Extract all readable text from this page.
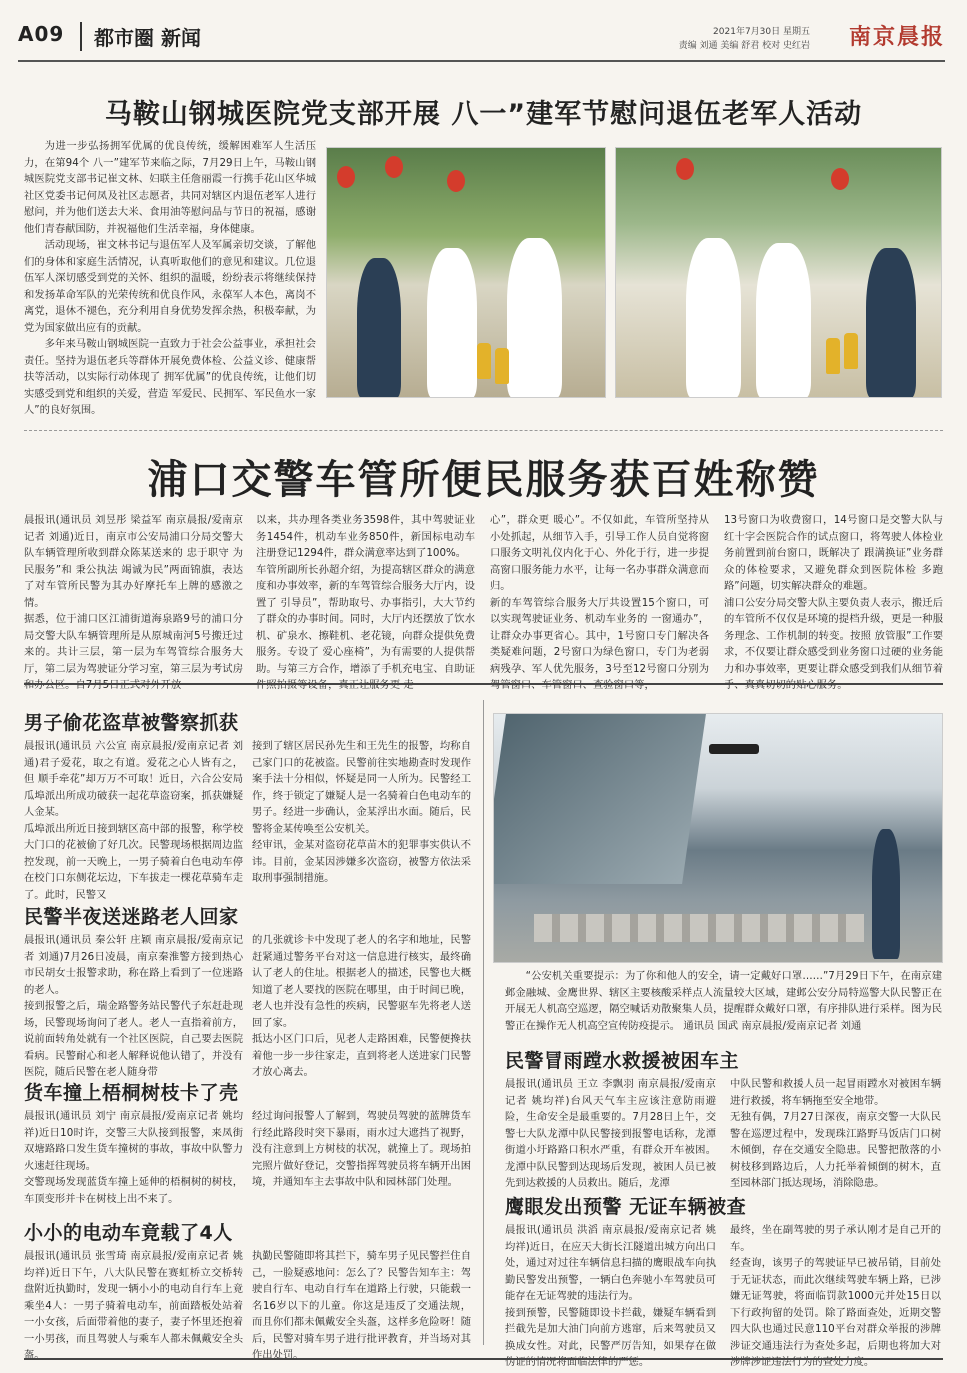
A09	都市圈 新闻	2021年7月30日 星期五
责编 刘通 美编 舒君 校对 史红岩 南京晨报
马鞍山钢城医院党支部开展 八一”建军节慰问退伍老军人活动

为进一步弘扬拥军优属的优良传统，缓解困难军人生活压力，在第94个 八一”建军节来临之际，7月29日上午，马鞍山钢城医院党支部书记崔文林、妇联主任詹丽霞一行携手花山区华城社区党委书记何凤及社区志愿者，共同对辖区内退伍老军人进行慰问，并为他们送去大米、食用油等慰问品与节日的祝福，感谢他们青春献国防，并祝福他们生活幸福，身体健康。

活动现场，崔文林书记与退伍军人及军属亲切交谈，了解他们的身体和家庭生活情况，认真听取他们的意见和建议。几位退伍军人深切感受到党的关怀、组织的温暖，纷纷表示将继续保持和发扬革命军队的光荣传统和优良作风，永葆军人本色，离岗不离党，退休不褪色，充分利用自身优势发挥余热，积极奉献，为党为国家做出应有的贡献。

多年来马鞍山钢城医院一直致力于社会公益事业，承担社会责任。坚持为退伍老兵等群体开展免费体检、公益义诊、健康帮扶等活动，以实际行动体现了 拥军优属”的优良传统，让他们切实感受到党和组织的关爱，营造 军爱民、民拥军、军民鱼水一家人”的良好氛围。

浦口交警车管所便民服务获百姓称赞
晨报讯(通讯员 刘昱彤 梁益军 南京晨报/爱南京记者 刘通)近日，南京市公安局浦口分局交警大队车辆管理所收到群众陈某送来的 忠于职守 为民服务”和 秉公执法 竭诚为民”两面锦旗，表达了对车管所民警为其办好摩托车上牌的感激之情。
据悉，位于浦口区江浦街道海泉路9号的浦口分局交警大队车辆管理所是从原城南河5号搬迁过来的。共计三层，第一层为车驾管综合服务大厅，第二层为驾驶证分学习室，第三层为考试房和办公区。自7月5日正式对外开放
以来，共办理各类业务3598件，其中驾驶证业务1454件，机动车业务850件，新国标电动车注册登记1294件，群众满意率达到了100%。
车管所副所长孙超介绍，为提高辖区群众的满意度和办事效率，新的车驾管综合服务大厅内，设置了 引导员”，帮助取号、办事指引，大大节约了群众的办事时间。同时，大厅内还摆放了饮水机、矿泉水、擦鞋机、老花镜，向群众提供免费服务。专设了 爱心座椅”，为有需要的人提供帮助。与第三方合作，增添了手机充电宝、自助证件照拍摄等设备，真正让服务更 走
心”，群众更 暖心”。不仅如此，车管所坚持从小处抓起，从细节入手，引导工作人员自觉将窗口服务文明礼仪内化于心、外化于行，进一步提高窗口服务能力水平，让每一名办事群众满意而归。
新的车驾管综合服务大厅共设置15个窗口，可以实现驾驶证业务、机动车业务的 一窗通办”，让群众办事更省心。其中，1号窗口专门解决各类疑难问题，2号窗口为绿色窗口，专门为老弱病残孕、军人优先服务，3号至12号窗口分别为驾管窗口、车管窗口、查验窗口等，
13号窗口为收费窗口，14号窗口是交警大队与红十字会医院合作的试点窗口，将驾驶人体检业务前置到前台窗口，既解决了 跟满换证”业务群众的体检要求，又避免群众到医院体检 多跑路”问题，切实解决群众的难题。
浦口公安分局交警大队主要负责人表示，搬迁后的车管所不仅仅是环境的提档升级，更是一种服务理念、工作机制的转变。按照 放管服”工作要求，不仅要让群众感受到业务窗口过硬的业务能力和办事效率，更要让群众感受到我们从细节着手、真真切切的贴心服务。
男子偷花盗草被警察抓获
晨报讯(通讯员 六公宣 南京晨报/爱南京记者 刘通)君子爱花，取之有道。爱花之心人皆有之，但 顺手牵花”却万万不可取！近日，六合公安局瓜埠派出所成功破获一起花草盗窃案，抓获嫌疑人金某。
瓜埠派出所近日接到辖区高中部的报警，称学校大门口的花被偷了好几次。民警现场根据周边监控发现，前一天晚上，一男子骑着白色电动车停在校门口东侧花坛边，下车拔走一棵花草骑车走了。此时，民警又
接到了辖区居民孙先生和王先生的报警，均称自己家门口的花被盗。民警前往实地勘查时发现作案手法十分相似，怀疑是同一人所为。民警经工作，终于锁定了嫌疑人是一名骑着白色电动车的男子。经进一步确认，金某浮出水面。随后，民警将金某传唤至公安机关。
经审讯，金某对盗窃花草苗木的犯罪事实供认不讳。目前，金某因涉嫌多次盗窃，被警方依法采取刑事强制措施。
民警半夜送迷路老人回家
晨报讯(通讯员 秦公轩 庄颖 南京晨报/爱南京记者 刘通)7月26日凌晨，南京秦淮警方接到热心市民胡女士报警求助，称在路上看到了一位迷路的老人。
接到报警之后，瑞金路警务站民警代子东赶赴现场，民警现场询问了老人。老人一直指着前方，说前面转角处就有一个社区医院，自己要去医院看病。民警耐心和老人解释说他认错了，并没有医院，随后民警在老人随身带
的几张就诊卡中发现了老人的名字和地址，民警赶紧通过警务平台对这一信息进行核实，最终确认了老人的住址。根据老人的描述，民警也大概知道了老人要找的医院在哪里，由于时间已晚，老人也并没有急性的疾病，民警驱车先将老人送回了家。
抵达小区门口后，见老人走路困难，民警便搀扶着他一步一步往家走，直到将老人送进家门民警才放心离去。
货车撞上梧桐树枝卡了壳
晨报讯(通讯员 刘宁 南京晨报/爱南京记者 姚均祥)近日10时许，交警三大队接到报警，来凤街双塘路路口发生货车撞树的事故，事故中队警力火速赶往现场。
交警现场发现蓝货车撞上延伸的梧桐树的树枝，车顶变形并卡在树枝上出不来了。
经过询问报警人了解到，驾驶员驾驶的蓝牌货车行经此路段时突下暴雨，雨水过大遮挡了视野，没有注意到上方树枝的状况，就撞上了。现场拍完照片做好登记，交警指挥驾驶员将车辆开出困境，并通知车主去事故中队和园林部门处理。
小小的电动车竟载了4人
晨报讯(通讯员 张雪琦 南京晨报/爱南京记者 姚均祥)近日下午，八大队民警在赛虹桥立交桥转盘附近执勤时，发现一辆小小的电动自行车上竟乘坐4人：一男子骑着电动车，前面踏板处站着一小女孩，后面带着他的妻子，妻子怀里还抱着一小男孩，而且驾驶人与乘车人都未佩戴安全头盔。
执勤民警随即将其拦下，骑车男子见民警拦住自己，一脸疑惑地问：怎么了？民警告知车主：驾驶自行车、电动自行车在道路上行驶，只能载一名16岁以下的儿童。你这是违反了交通法规，而且你们都未佩戴安全头盔，这样多危险呀！随后，民警对骑车男子进行批评教育，并当场对其作出处罚。
“公安机关重要提示：为了你和他人的安全，请一定戴好口罩……”7月29日下午，在南京建邺金融城、金鹰世界、辖区主要核酸采样点人流量较大区域，建邺公安分局特巡警大队民警正在开展无人机高空巡逻，隔空喊话劝散聚集人员，提醒群众戴好口罩，有序排队进行采样。图为民警正在操作无人机高空宣传防疫提示。 通讯员 国武 南京晨报/爱南京记者 刘通
民警冒雨蹚水救援被困车主
晨报讯(通讯员 王立 李飘羽 南京晨报/爱南京记者 姚均祥)台风天气车主应该注意防雨避险，生命安全是最重要的。7月28日上午，交警七大队龙潭中队民警接到报警电话称，龙潭街道小圩路路口积水严重，有群众开车被困。龙潭中队民警到达现场后发现，被困人员已被先到达救援的人员救出。随后，龙潭
中队民警和救援人员一起冒雨蹚水对被困车辆进行救援，将车辆拖至安全地带。
无独有偶，7月27日深夜，南京交警一大队民警在巡逻过程中，发现珠江路野马饭店门口树木倾倒，存在交通安全隐患。民警把散落的小树枝移到路边后，人力托举着倾倒的树木，直至园林部门抵达现场，消除隐患。
鹰眼发出预警 无证车辆被查
晨报讯(通讯员 洪滔 南京晨报/爱南京记者 姚均祥)近日，在应天大街长江隧道出城方向出口处，通过对过往车辆信息扫描的鹰眼战车向执勤民警发出预警，一辆白色奔驰小车驾驶员可能存在无证驾驶的违法行为。
接到预警，民警随即设卡拦截，嫌疑车辆看到拦截先是加大油门向前方逃窜，后来驾驶员又换成女性。对此，民警严厉告知，如果存在做伪证的情况将面临法律的严惩。
最终，坐在副驾驶的男子承认刚才是自己开的车。
经查询，该男子的驾驶证早已被吊销，目前处于无证状态，而此次继续驾驶车辆上路，已涉嫌无证驾驶，将面临罚款1000元并处15日以下行政拘留的处罚。除了路面查处，近期交警四大队也通过民意110平台对群众举报的涉牌涉证交通违法行为查处多起，后期也将加大对涉牌涉证违法行为的查处力度。
